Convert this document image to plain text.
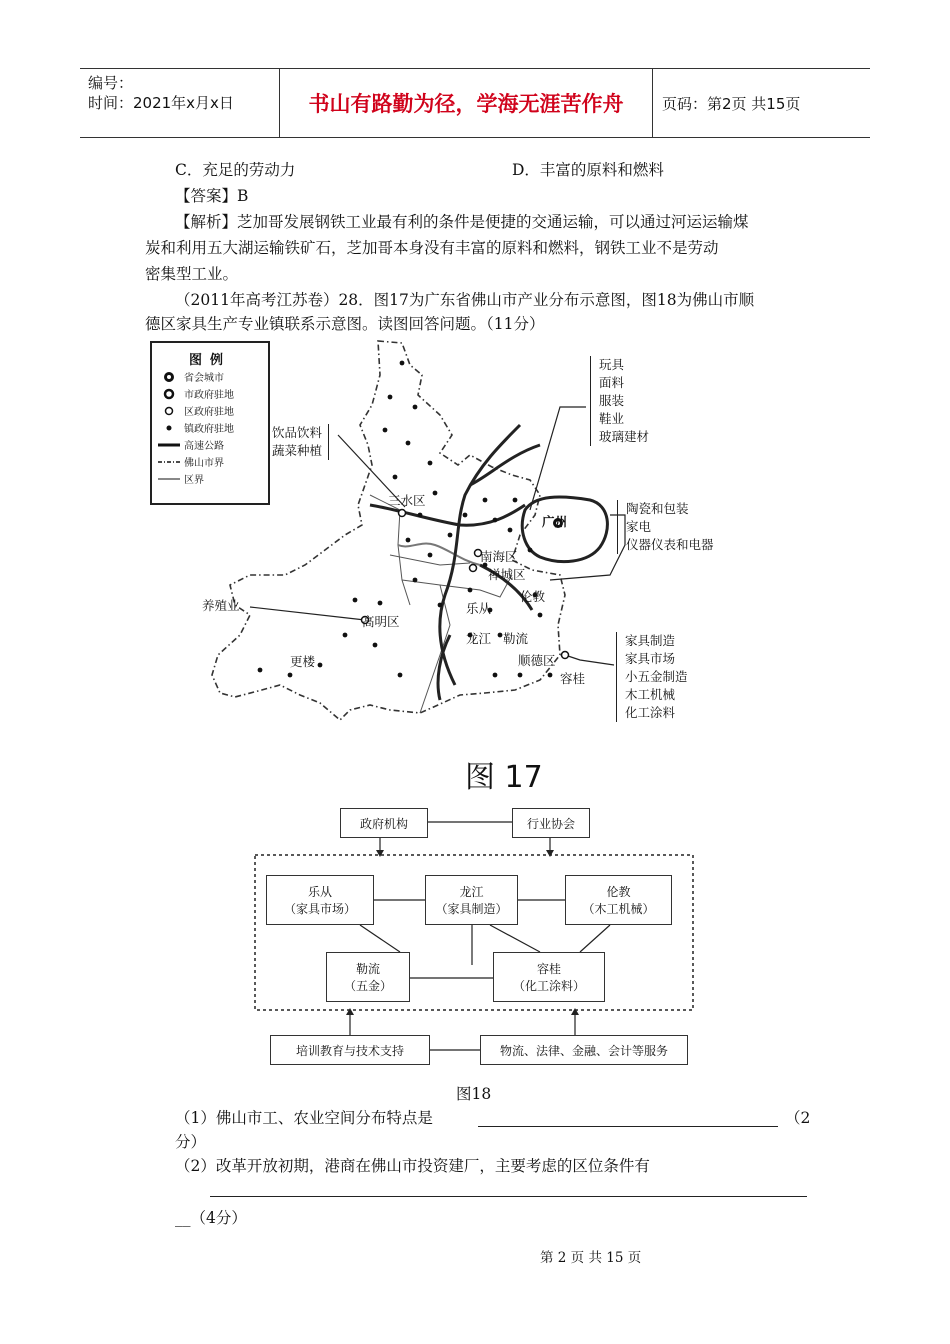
编号：
时间：2021年x月x日	书山有路勤为径，学海无涯苦作舟	页码：第2页 共15页
C．充足的劳动力	D．丰富的原料和燃料
【答案】B
【解析】芝加哥发展钢铁工业最有利的条件是便捷的交通运输，可以通过河运运输煤
炭和利用五大湖运输铁矿石，芝加哥本身没有丰富的原料和燃料，钢铁工业不是劳动
密集型工业。
（2011年高考江苏卷）28．图17为广东省佛山市产业分布示意图，图18为佛山市顺
德区家具生产专业镇联系示意图。读图回答问题。（11分）
图例
省会城市
市政府驻地
区政府驻地
镇政府驻地
高速公路
佛山市界
区界
广州
三水区
南海区
禅城区
高明区
顺德区
乐从
龙江
伦教
勒流
容桂
更楼
饮品饮料
蔬菜种植
玩具
面料
服装
鞋业
玻璃建材
陶瓷和包装
家电
仪器仪表和电器
养殖业
家具制造
家具市场
小五金制造
木工机械
化工涂料
图 17
政府机构	行业协会
乐从
（家具市场）
龙江
（家具制造）
伦教
（木工机械）
勒流
（五金）
容桂
（化工涂料）
培训教育与技术支持	物流、法律、金融、会计等服务
图18
（1）佛山市工、农业空间分布特点是	（2
分）
（2）改革开放初期，港商在佛山市投资建厂，主要考虑的区位条件有
__（4分）
第 2 页 共 15 页
